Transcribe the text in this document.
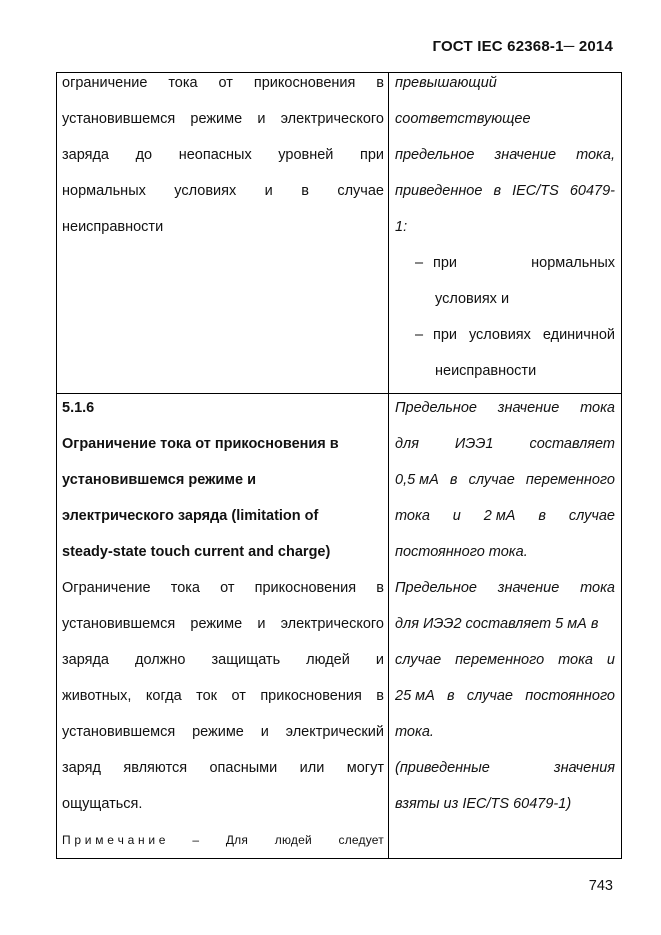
ГОСТ IEC 62368-1─ 2014
ограничение тока от прикосновения в
установившемся режиме и электрического
заряда до неопасных уровней при
нормальных условиях и в случае
неисправности
превышающий
соответствующее
предельное значение тока,
приведенное в IEC/TS 60479-
1:
– при	нормальных
условиях и
– при условиях единичной
неисправности
5.1.6
Ограничение тока от прикосновения в
установившемся режиме и
электрического заряда (limitation of
steady-state touch current and charge)
Ограничение тока от прикосновения в
установившемся режиме и электрического
заряда должно защищать людей и
животных, когда ток от прикосновения в
установившемся режиме и электрический
заряд являются опасными или могут
ощущаться.
П р и м е ч а н и е – Для людей следует
Предельное значение тока
для ИЭЭ1 составляет
0,5 мА в случае переменного
тока и 2 мА в случае
постоянного тока.
Предельное значение тока
для ИЭЭ2 составляет 5 мА в
случае переменного тока и
25 мА в случае постоянного
тока.
(приведенные	значения
взяты из IEC/TS 60479-1)
743
